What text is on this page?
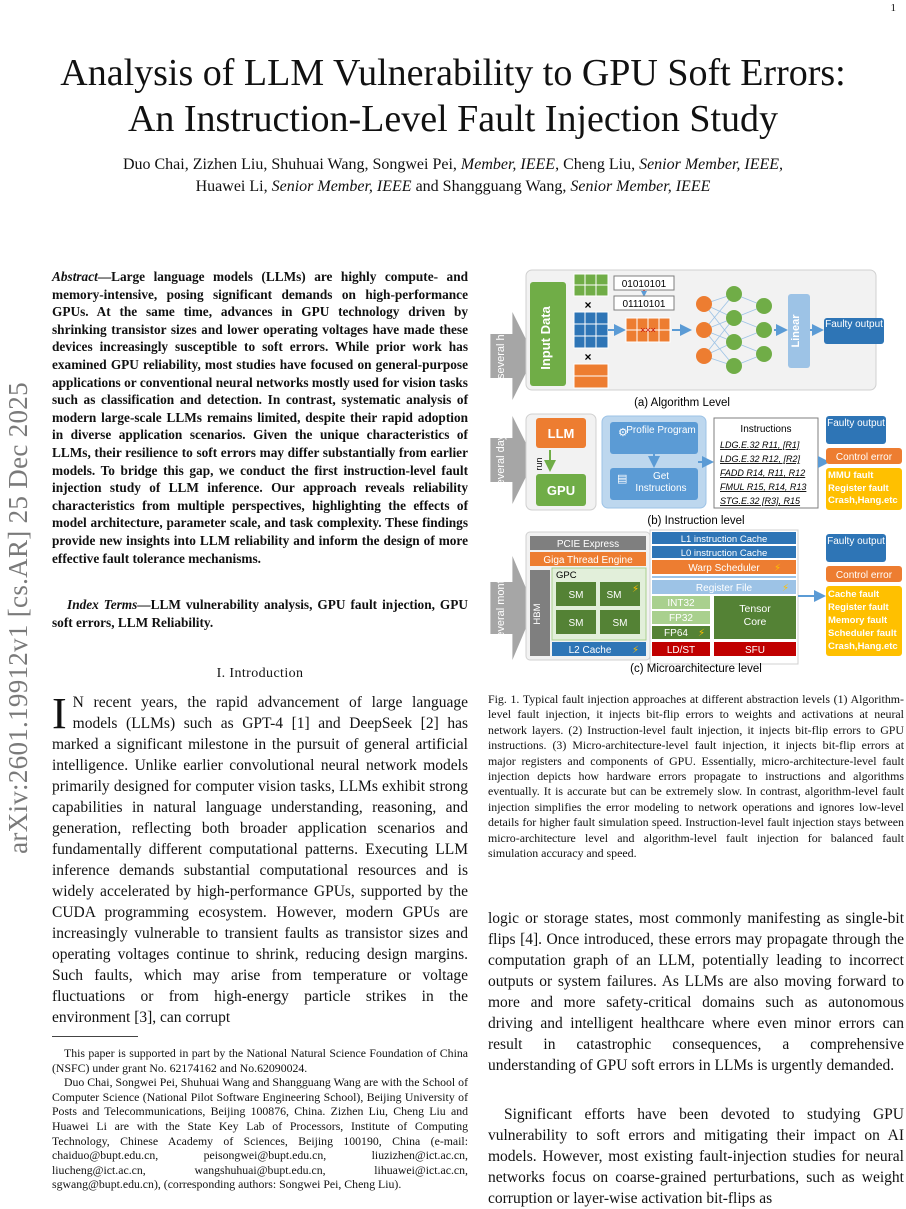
1
arXiv:2601.19912v1 [cs.AR] 25 Dec 2025
Analysis of LLM Vulnerability to GPU Soft Errors:
An Instruction-Level Fault Injection Study
Duo Chai, Zizhen Liu, Shuhuai Wang, Songwei Pei, Member, IEEE, Cheng Liu, Senior Member, IEEE,
Huawei Li, Senior Member, IEEE and Shangguang Wang, Senior Member, IEEE
Abstract—Large language models (LLMs) are highly compute- and memory-intensive, posing significant demands on high-performance GPUs. At the same time, advances in GPU technology driven by shrinking transistor sizes and lower operating voltages have made these devices increasingly susceptible to soft errors. While prior work has examined GPU reliability, most studies have focused on general-purpose applications or conventional neural networks mostly used for vision tasks such as classification and detection. In contrast, systematic analysis of modern large-scale LLMs remains limited, despite their rapid adoption in diverse application scenarios. Given the unique characteristics of LLMs, their resilience to soft errors may differ substantially from earlier models. To bridge this gap, we conduct the first instruction-level fault injection study of LLM inference. Our approach reveals reliability characteristics from multiple perspectives, highlighting the effects of model architecture, parameter scale, and task complexity. These findings provide new insights into LLM reliability and inform the design of more effective fault tolerance mechanisms.
Index Terms—LLM vulnerability analysis, GPU fault injection, GPU soft errors, LLM Reliability.
I. Introduction
I N recent years, the rapid advancement of large language models (LLMs) such as GPT-4 [1] and DeepSeek [2] has marked a significant milestone in the pursuit of general artificial intelligence. Unlike earlier convolutional neural network models primarily designed for computer vision tasks, LLMs exhibit strong capabilities in natural language understanding, reasoning, and generation, reflecting both broader application scenarios and fundamentally different computational patterns. Executing LLM inference demands substantial computational resources and is widely accelerated by high-performance GPUs, supported by the CUDA programming ecosystem. However, modern GPUs are increasingly vulnerable to transient faults as transistor sizes and operating voltages continue to shrink, reducing design margins. Such faults, which may arise from temperature or voltage fluctuations or from high-energy particle strikes in the environment [3], can corrupt

This paper is supported in part by the National Natural Science Foundation of China (NSFC) under grant No. 62174162 and No.62090024.

Duo Chai, Songwei Pei, Shuhuai Wang and Shangguang Wang are with the School of Computer Science (National Pilot Software Engineering School), Beijing University of Posts and Telecommunications, Beijing 100876, China. Zizhen Liu, Cheng Liu and Huawei Li are with the State Key Lab of Processors, Institute of Computing Technology, Chinese Academy of Sciences, Beijing 100190, China (e-mail: chaiduo@bupt.edu.cn, peisongwei@bupt.edu.cn, liuzizhen@ict.ac.cn, liucheng@ict.ac.cn, wangshuhuai@bupt.edu.cn, lihuawei@ict.ac.cn, sgwang@bupt.edu.cn), (corresponding authors: Songwei Pei, Cheng Liu).

several hours Input Data
×
×
01010101
01110101
×××	Linear Faulty output
(a) Algorithm Level
several days	LLM
run
GPU
⚙
Profile Program
▤	Get Instructions
Instructions
LDG.E.32 R11, [R1]
LDG.E.32 R12, [R2]
FADD R14, R11, R12
FMUL R15, R14, R13
STG.E.32 [R3], R15
Faulty output
Control error
MMU fault Register fault Crash,Hang.etc
(b) Instruction level
several months
PCIE Express
Giga Thread Engine
HBM
GPC
SM SM
⚡
SM	SM
L2 Cache ⚡
L1 instruction Cache
L0 instruction Cache
Warp Scheduler ⚡
Register File	⚡
INT32
FP32
FP64 ⚡
Tensor Core
LD/ST	SFU
Faulty output
Control error
Cache fault Register fault Memory fault Scheduler fault Crash,Hang.etc
(c) Microarchitecture level
Fig. 1. Typical fault injection approaches at different abstraction levels (1) Algorithm-level fault injection, it injects bit-flip errors to weights and activations at neural network layers. (2) Instruction-level fault injection, it injects bit-flip errors to GPU instructions. (3) Micro-architecture-level fault injection, it injects bit-flip errors at major registers and components of GPU. Essentially, micro-architecture-level fault injection depicts how hardware errors propagate to instructions and algorithms eventually. It is accurate but can be extremely slow. In contrast, algorithm-level fault injection simplifies the error modeling to network operations and ignores low-level details for higher fault simulation speed. Instruction-level fault injection stays between micro-architecture level and algorithm-level fault injection for balanced fault simulation accuracy and speed.
logic or storage states, most commonly manifesting as single-bit flips [4]. Once introduced, these errors may propagate through the computation graph of an LLM, potentially leading to incorrect outputs or system failures. As LLMs are also moving forward to more and more safety-critical domains such as autonomous driving and intelligent healthcare where even minor errors can result in catastrophic consequences, a comprehensive understanding of GPU soft errors in LLMs is urgently demanded.
Significant efforts have been devoted to studying GPU vulnerability to soft errors and mitigating their impact on AI models. However, most existing fault-injection studies for neural networks focus on coarse-grained perturbations, such as weight corruption or layer-wise activation bit-flips as
